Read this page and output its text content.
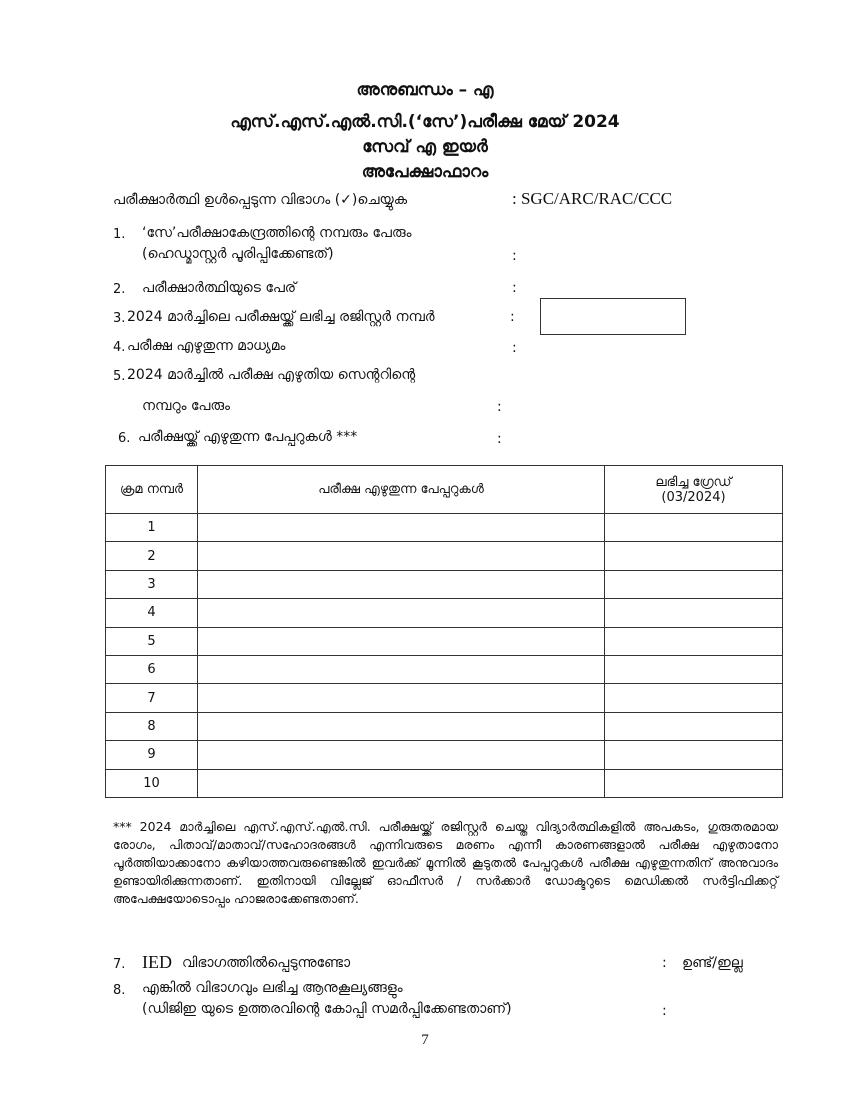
അനുബന്ധം – എ
എസ്.എസ്.എൽ.സി.(‘സേ’)പരീക്ഷ മേയ് 2024
സേവ് എ ഇയർ
അപേക്ഷാഫാറം
പരീക്ഷാർത്ഥി ഉൾപ്പെടുന്ന വിഭാഗം (✓)ചെയ്യുക	: SGC/ARC/RAC/CCC
1. ‘സേ’പരീക്ഷാകേന്ദ്രത്തിന്റെ നമ്പരും പേരും
(ഹെഡ്മാസ്റ്റർ പൂരിപ്പിക്കേണ്ടത്)	:
2. പരീക്ഷാർത്ഥിയുടെ പേര്	:
3. 2024 മാർച്ചിലെ പരീക്ഷയ്ക്ക് ലഭിച്ച രജിസ്റ്റർ നമ്പർ	:
4. പരീക്ഷ എഴുതുന്ന മാധ്യമം	:
5. 2024 മാർച്ചിൽ പരീക്ഷ എഴുതിയ സെന്ററിന്റെ
നമ്പറും പേരും	:
6. പരീക്ഷയ്ക്ക് എഴുതുന്ന പേപ്പറുകൾ ***	:
ക്രമ നമ്പർ	പരീക്ഷ എഴുതുന്ന പേപ്പറുകൾ	ലഭിച്ച ഗ്രേഡ്
(03/2024)
1		
2		
3		
4		
5		
6		
7		
8		
9		
10		
*** 2024 മാർച്ചിലെ എസ്.എസ്.എൽ.സി. പരീക്ഷയ്ക്ക് രജിസ്റ്റർ ചെയ്ത വിദ്യാർത്ഥികളിൽ അപകടം, ഗുരുതരമായ രോഗം, പിതാവ്/മാതാവ്/സഹോദരങ്ങൾ എന്നിവരുടെ മരണം എന്നീ കാരണങ്ങളാൽ പരീക്ഷ എഴുതാനോ പൂർത്തിയാക്കാനോ കഴിയാത്തവരുണ്ടെങ്കിൽ ഇവർക്ക് മൂന്നിൽ കൂടുതൽ പേപ്പറുകൾ പരീക്ഷ എഴുതുന്നതിന് അനുവാദം ഉണ്ടായിരിക്കുന്നതാണ്. ഇതിനായി വില്ലേജ് ഓഫീസർ / സർക്കാർ ഡോക്ടറുടെ മെഡിക്കൽ സർട്ടിഫിക്കറ്റ് അപേക്ഷയോടൊപ്പം ഹാജരാക്കേണ്ടതാണ്.
7. IED വിഭാഗത്തിൽപ്പെടുന്നുണ്ടോ	: ഉണ്ട്/ഇല്ല
8. എങ്കിൽ വിഭാഗവും ലഭിച്ച ആനുകൂല്യങ്ങളും
(ഡിജിഇ യുടെ ഉത്തരവിന്റെ കോപ്പി സമർപ്പിക്കേണ്ടതാണ്)	:
7
